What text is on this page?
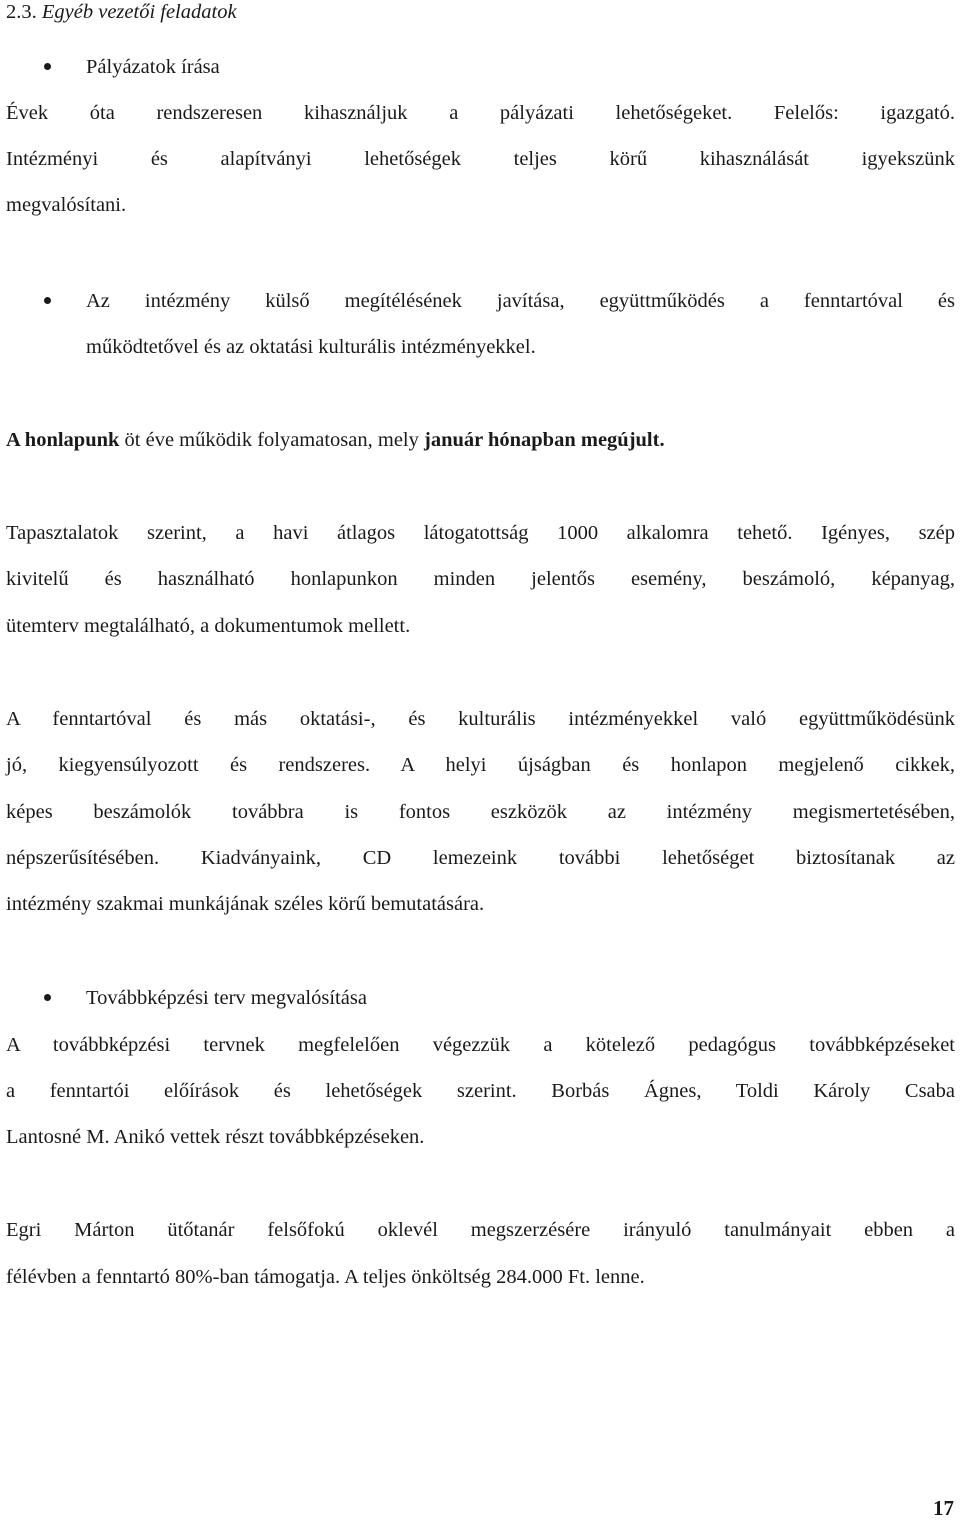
2.3. Egyéb vezetői feladatok
Pályázatok írása
Évek óta rendszeresen kihasználjuk a pályázati lehetőségeket. Felelős: igazgató.
Intézményi és alapítványi lehetőségek teljes körű kihasználását igyekszünk
megvalósítani.
Az intézmény külső megítélésének javítása, együttműködés a fenntartóval és
működtetővel és az oktatási kulturális intézményekkel.
A honlapunk öt éve működik folyamatosan, mely január hónapban megújult.
Tapasztalatok szerint, a havi átlagos látogatottság 1000 alkalomra tehető. Igényes, szép
kivitelű és használható honlapunkon minden jelentős esemény, beszámoló, képanyag,
ütemterv megtalálható, a dokumentumok mellett.
A fenntartóval és más oktatási-, és kulturális intézményekkel való együttműködésünk
jó, kiegyensúlyozott és rendszeres. A helyi újságban és honlapon megjelenő cikkek,
képes beszámolók továbbra is fontos eszközök az intézmény megismertetésében,
népszerűsítésében. Kiadványaink, CD lemezeink további lehetőséget biztosítanak az
intézmény szakmai munkájának széles körű bemutatására.
Továbbképzési terv megvalósítása
A továbbképzési tervnek megfelelően végezzük a kötelező pedagógus továbbképzéseket
a fenntartói előírások és lehetőségek szerint. Borbás Ágnes, Toldi Károly Csaba
Lantosné M. Anikó vettek részt továbbképzéseken.
Egri Márton ütőtanár felsőfokú oklevél megszerzésére irányuló tanulmányait ebben a
félévben a fenntartó 80%-ban támogatja. A teljes önköltség 284.000 Ft. lenne.
17
